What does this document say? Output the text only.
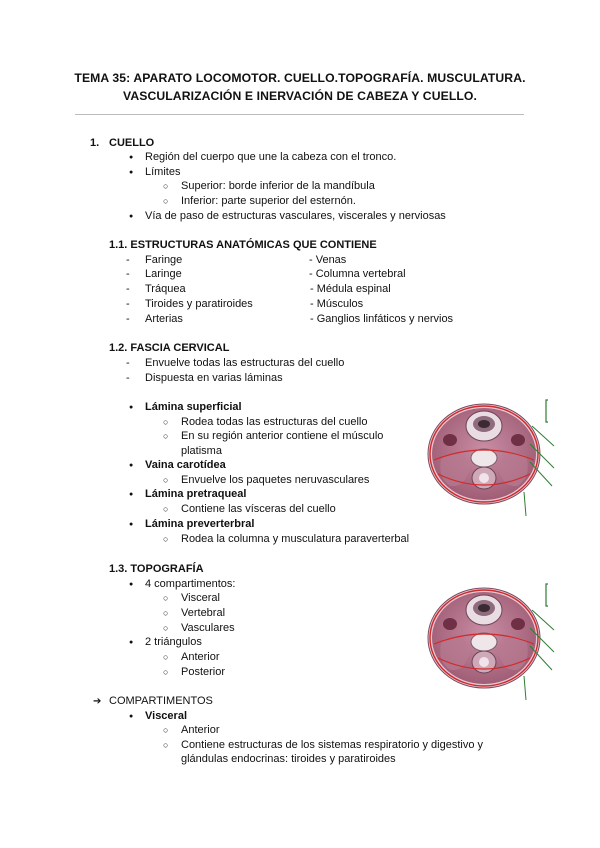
TEMA 35: APARATO LOCOMOTOR. CUELLO.TOPOGRAFÍA. MUSCULATURA.
VASCULARIZACIÓN E INERVACIÓN DE CABEZA Y CUELLO.
1. CUELLO
● Región del cuerpo que une la cabeza con el tronco.
● Límites
○ Superior: borde inferior de la mandíbula
○ Inferior: parte superior del esternón.
● Vía de paso de estructuras vasculares, viscerales y nerviosas
1.1. ESTRUCTURAS ANATÓMICAS QUE CONTIENE
- Faringe
- Laringe
- Tráquea
- Tiroides y paratiroides
- Arterias
- Venas
- Columna vertebral
- Médula espinal
- Músculos
- Ganglios linfáticos y nervios
1.2. FASCIA CERVICAL
- Envuelve todas las estructuras del cuello
- Dispuesta en varias láminas
● Lámina superficial
○ Rodea todas las estructuras del cuello
○ En su región anterior contiene el músculo
platisma
● Vaina carotídea
○ Envuelve los paquetes neruvasculares
● Lámina pretraqueal
○ Contiene las vísceras del cuello
● Lámina preverterbral
○ Rodea la columna y musculatura paraverterbal
1.3. TOPOGRAFÍA
● 4 compartimentos:
○ Visceral
○ Vertebral
○ Vasculares
● 2 triángulos
○ Anterior
○ Posterior
➔ COMPARTIMENTOS
● Visceral
○ Anterior
○ Contiene estructuras de los sistemas respiratorio y digestivo y
glándulas endocrinas: tiroides y paratiroides
